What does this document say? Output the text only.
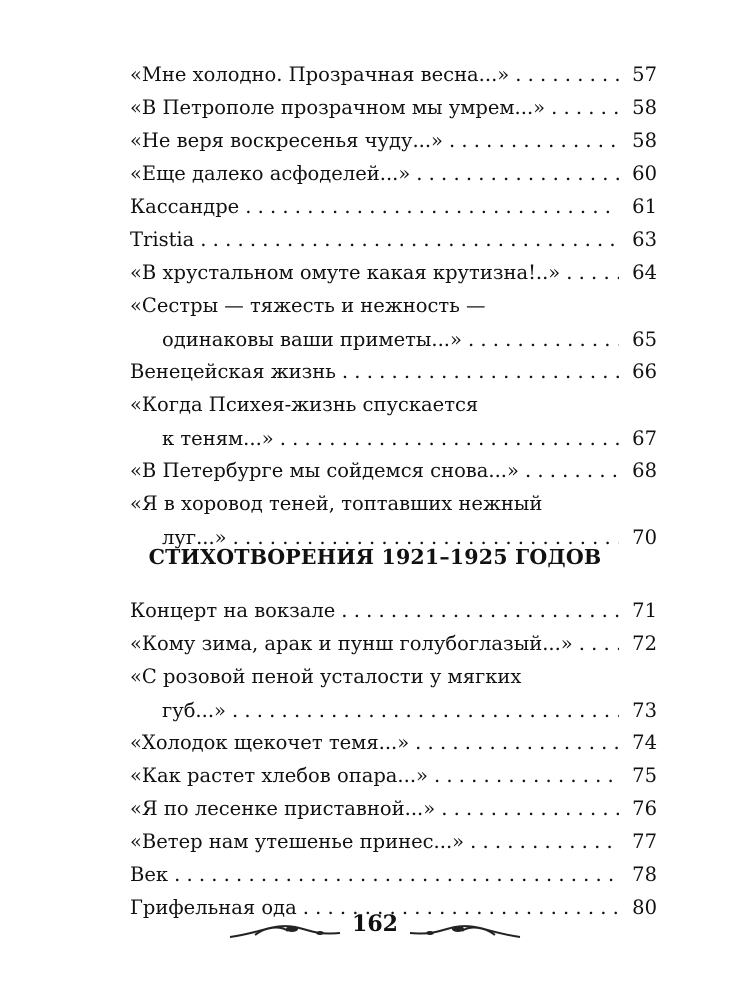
«Мне холодно. Прозрачная весна...» . . .	57
«В Петрополе прозрачном мы умрем...» . . .	58
«Не веря воскресенья чуду...» . . .	58
«Еще далеко асфоделей...» . . .	60
Кассандре . . .	61
Tristia . . .	63
«В хрустальном омуте какая крутизна!..» . . .	64
«Сестры — тяжесть и нежность —
одинаковы ваши приметы...» . . .	65
Венецейская жизнь . . .	66
«Когда Психея-жизнь спускается
к теням...» . . .	67
«В Петербурге мы сойдемся снова...» . . .	68
«Я в хоровод теней, топтавших нежный
луг...» . . .	70
СТИХОТВОРЕНИЯ 1921–1925 ГОДОВ
Концерт на вокзале . . .	71
«Кому зима, арак и пунш голубоглазый...» . . .	72
«С розовой пеной усталости у мягких
губ...» . . .	73
«Холодок щекочет темя...» . . .	74
«Как растет хлебов опара...» . . .	75
«Я по лесенке приставной...» . . .	76
«Ветер нам утешенье принес...» . . .	77
Век . . .	78
Грифельная ода . . .	80
162
